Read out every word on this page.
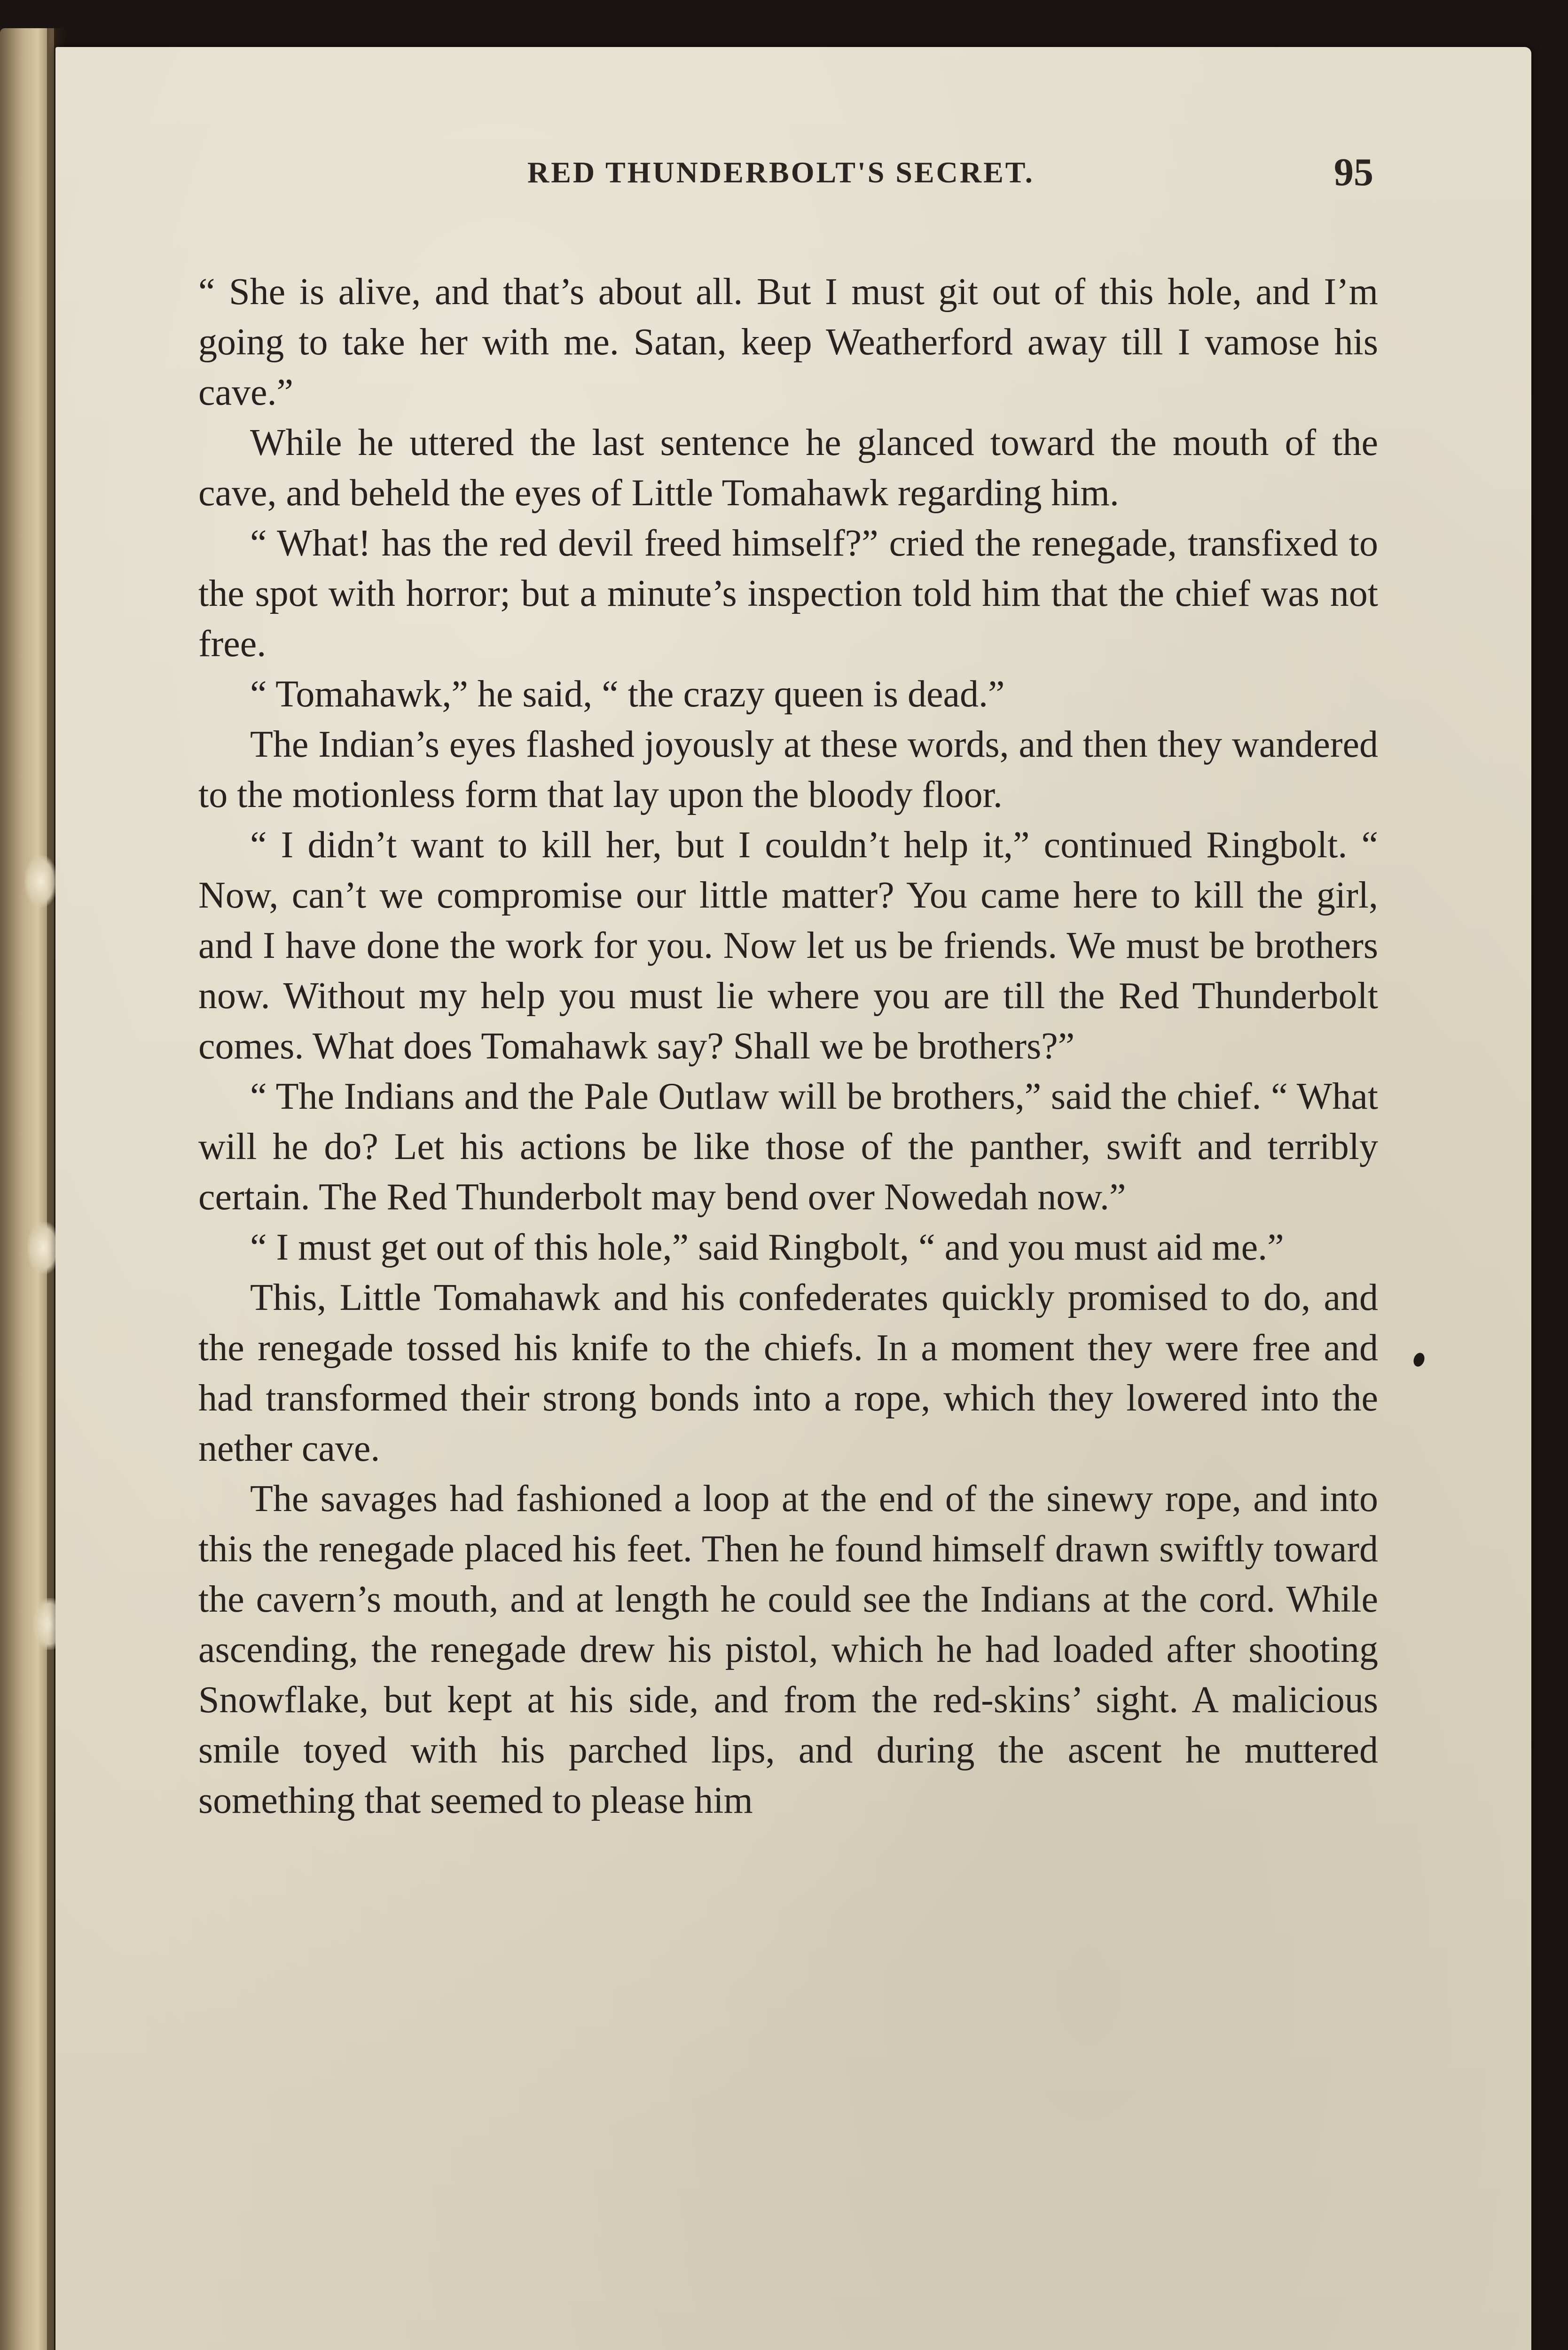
RED THUNDERBOLT'S SECRET.	95

“ She is alive, and that’s about all. But I must git out of this hole, and I’m going to take her with me. Satan, keep Weatherford away till I vamose his cave.”

While he uttered the last sentence he glanced toward the mouth of the cave, and beheld the eyes of Little Tomahawk regarding him.

“ What! has the red devil freed himself?” cried the renegade, transfixed to the spot with horror; but a minute’s inspection told him that the chief was not free.

“ Tomahawk,” he said, “ the crazy queen is dead.”

The Indian’s eyes flashed joyously at these words, and then they wandered to the motionless form that lay upon the bloody floor.

“ I didn’t want to kill her, but I couldn’t help it,” continued Ringbolt. “ Now, can’t we compromise our little matter? You came here to kill the girl, and I have done the work for you. Now let us be friends. We must be brothers now. Without my help you must lie where you are till the Red Thunderbolt comes. What does Tomahawk say? Shall we be brothers?”

“ The Indians and the Pale Outlaw will be brothers,” said the chief. “ What will he do? Let his actions be like those of the panther, swift and terribly certain. The Red Thunderbolt may bend over Nowedah now.”

“ I must get out of this hole,” said Ringbolt, “ and you must aid me.”

This, Little Tomahawk and his confederates quickly promised to do, and the renegade tossed his knife to the chiefs. In a moment they were free and had transformed their strong bonds into a rope, which they lowered into the nether cave.

The savages had fashioned a loop at the end of the sinewy rope, and into this the renegade placed his feet. Then he found himself drawn swiftly toward the cavern’s mouth, and at length he could see the Indians at the cord. While ascending, the renegade drew his pistol, which he had loaded after shooting Snowflake, but kept at his side, and from the red-skins’ sight. A malicious smile toyed with his parched lips, and during the ascent he muttered something that seemed to please him
